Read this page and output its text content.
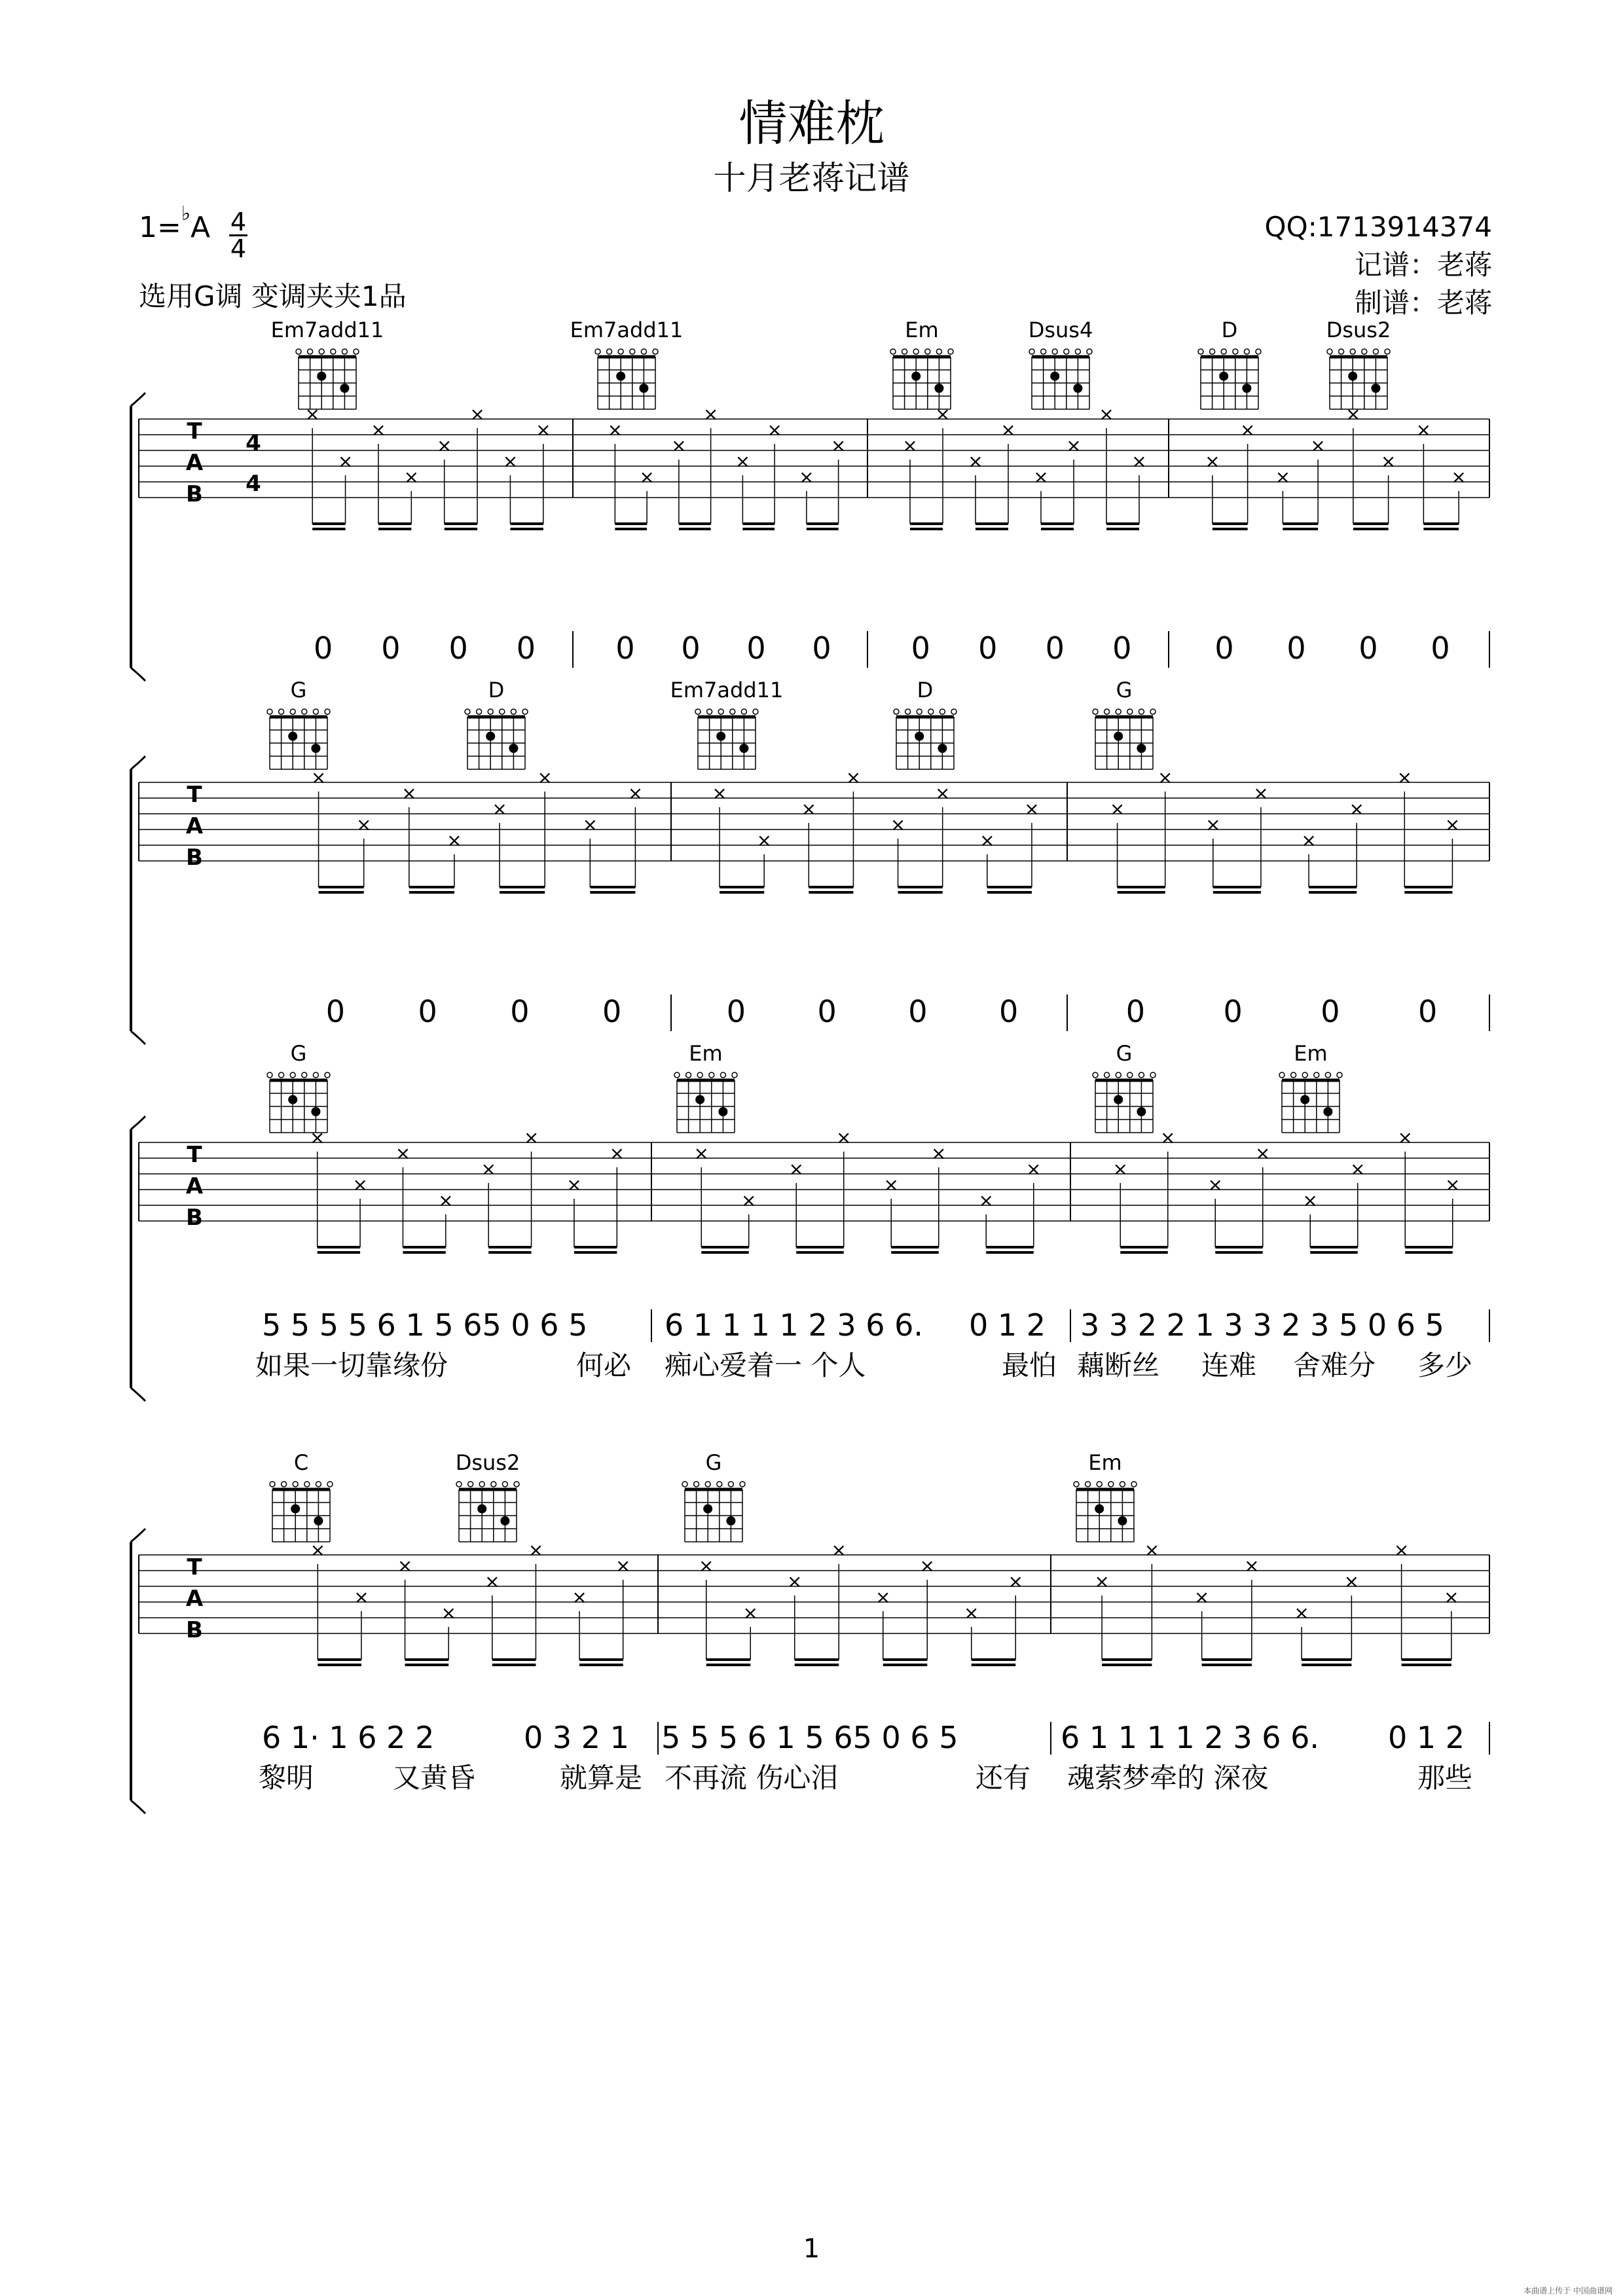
情难枕
十月老蒋记谱
1=♭A 4
4
选用G调 变调夹夹1品
QQ:1713914374
记谱：老蒋
制谱：老蒋
Em7add11	Em7add11	Em	Dsus4	D	Dsus2
T
A
B
4
4
×
×
×
×
×
×
×
×	×
×
×
×
×
×
×
×	×
×
×
×
×
×
×
×	×
×
×
×
×
×
×
×
0 0 0 0	0 0 0 0	0 0 0 0	0 0 0 0
G	D	Em7add11	D	G
T
A
B
×
×
×
×
×
×
×
×	×
×
×
×
×
×
×
×	×
×
×
×
×
×
×
×
0 0 0 0	0 0 0 0	0	0	0	0
G	Em	G	Em
T
A
B
×
×
×
×
×
×
×
×	×
×
×
×
×
×
×
×	×
×
×
×
×
×
×
×
5 5 5 5 6 1 5 65 0 6 5	6 1 1 1 1 2 3 6 6. 0 1 2 3 3 2 2 1 3 3 2 3 5 0 6 5
如果一切靠缘份	何必 痴心爱着一 个人	最怕 藕断丝 连难 舍难分 多少
C	Dsus2	G	Em
T
A
B
×
×
×
×
×
×
×
×	×
×
×
×
×
×
×
×	×
×
×
×
×
×
×
×
6 1· 1 6 2 2	0 3 2 1 5 5 5 6 1 5 65 0 6 5	6 1 1 1 1 2 3 6 6. 0 1 2
黎明	又黄昏	就算是 不再流 伤心泪	还有 魂萦梦牵的 深夜	那些
1
本曲谱上传于 中国曲谱网
